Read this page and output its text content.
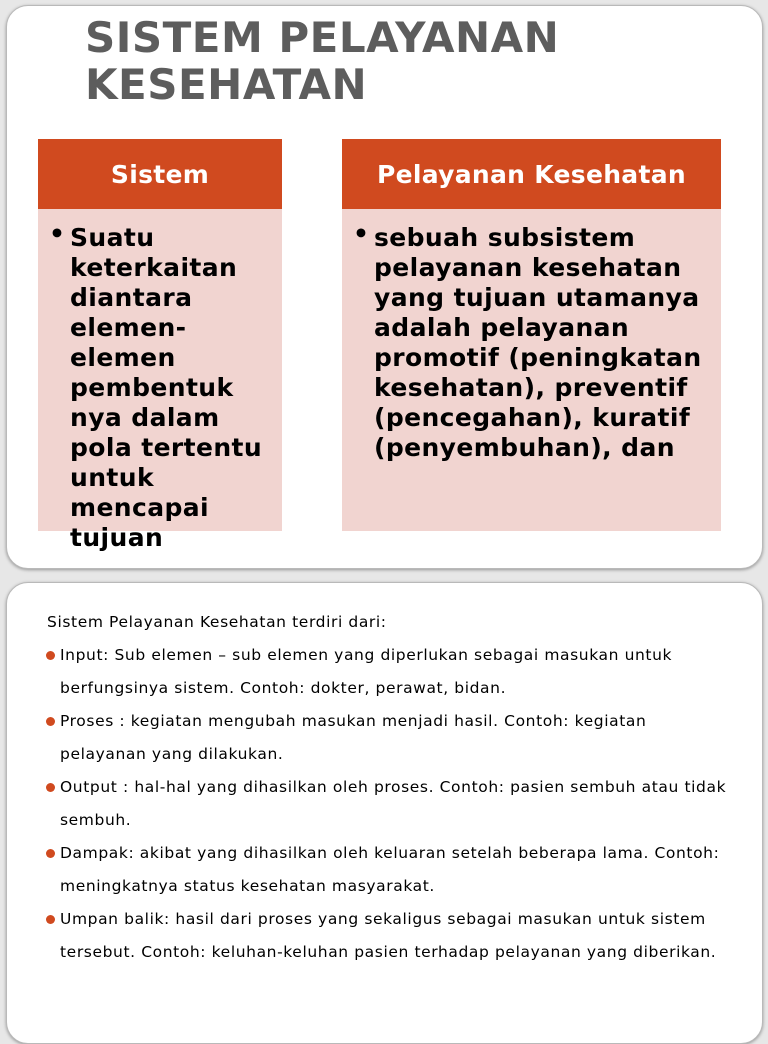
SISTEM PELAYANAN KESEHATAN
Sistem
• Suatu keterkaitan diantara elemen-elemen pembentuk nya dalam pola tertentu untuk mencapai tujuan
Pelayanan Kesehatan
• sebuah subsistem pelayanan kesehatan yang tujuan utamanya adalah pelayanan promotif (peningkatan kesehatan), preventif (pencegahan), kuratif (penyembuhan), dan

Sistem Pelayanan Kesehatan terdiri dari:

Input: Sub elemen – sub elemen yang diperlukan sebagai masukan untuk berfungsinya sistem. Contoh: dokter, perawat, bidan.

Proses : kegiatan mengubah masukan menjadi hasil. Contoh: kegiatan pelayanan yang dilakukan.

Output : hal-hal yang dihasilkan oleh proses. Contoh: pasien sembuh atau tidak sembuh.

Dampak: akibat yang dihasilkan oleh keluaran setelah beberapa lama. Contoh: meningkatnya status kesehatan masyarakat.

Umpan balik: hasil dari proses yang sekaligus sebagai masukan untuk sistem tersebut. Contoh: keluhan-keluhan pasien terhadap pelayanan yang diberikan.
